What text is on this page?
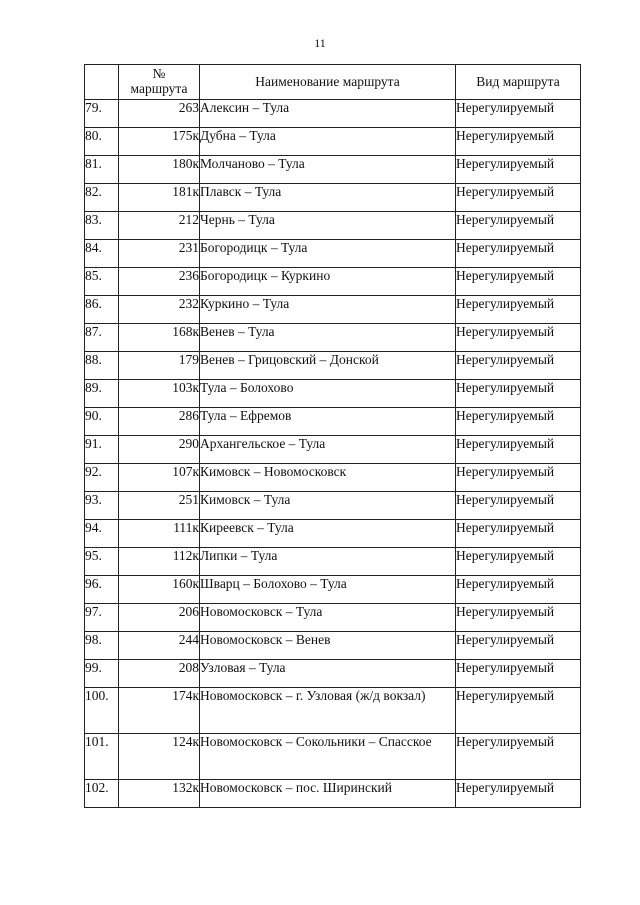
11

	№
маршрута	Наименование маршрута	Вид маршрута
79.	263	Алексин – Тула	Нерегулируемый
80.	175к	Дубна – Тула	Нерегулируемый
81.	180к	Молчаново – Тула	Нерегулируемый
82.	181к	Плавск – Тула	Нерегулируемый
83.	212	Чернь – Тула	Нерегулируемый
84.	231	Богородицк – Тула	Нерегулируемый
85.	236	Богородицк – Куркино	Нерегулируемый
86.	232	Куркино – Тула	Нерегулируемый
87.	168к	Венев – Тула	Нерегулируемый
88.	179	Венев – Грицовский – Донской	Нерегулируемый
89.	103к	Тула – Болохово	Нерегулируемый
90.	286	Тула – Ефремов	Нерегулируемый
91.	290	Архангельское – Тула	Нерегулируемый
92.	107к	Кимовск – Новомосковск	Нерегулируемый
93.	251	Кимовск – Тула	Нерегулируемый
94.	111к	Киреевск – Тула	Нерегулируемый
95.	112к	Липки – Тула	Нерегулируемый
96.	160к	Шварц – Болохово – Тула	Нерегулируемый
97.	206	Новомосковск – Тула	Нерегулируемый
98.	244	Новомосковск – Венев	Нерегулируемый
99.	208	Узловая – Тула	Нерегулируемый
100.	174к	Новомосковск – г. Узловая (ж/д вокзал)	Нерегулируемый
101.	124к	Новомосковск – Сокольники – Спасское	Нерегулируемый
102.	132к	Новомосковск – пос. Ширинский	Нерегулируемый
